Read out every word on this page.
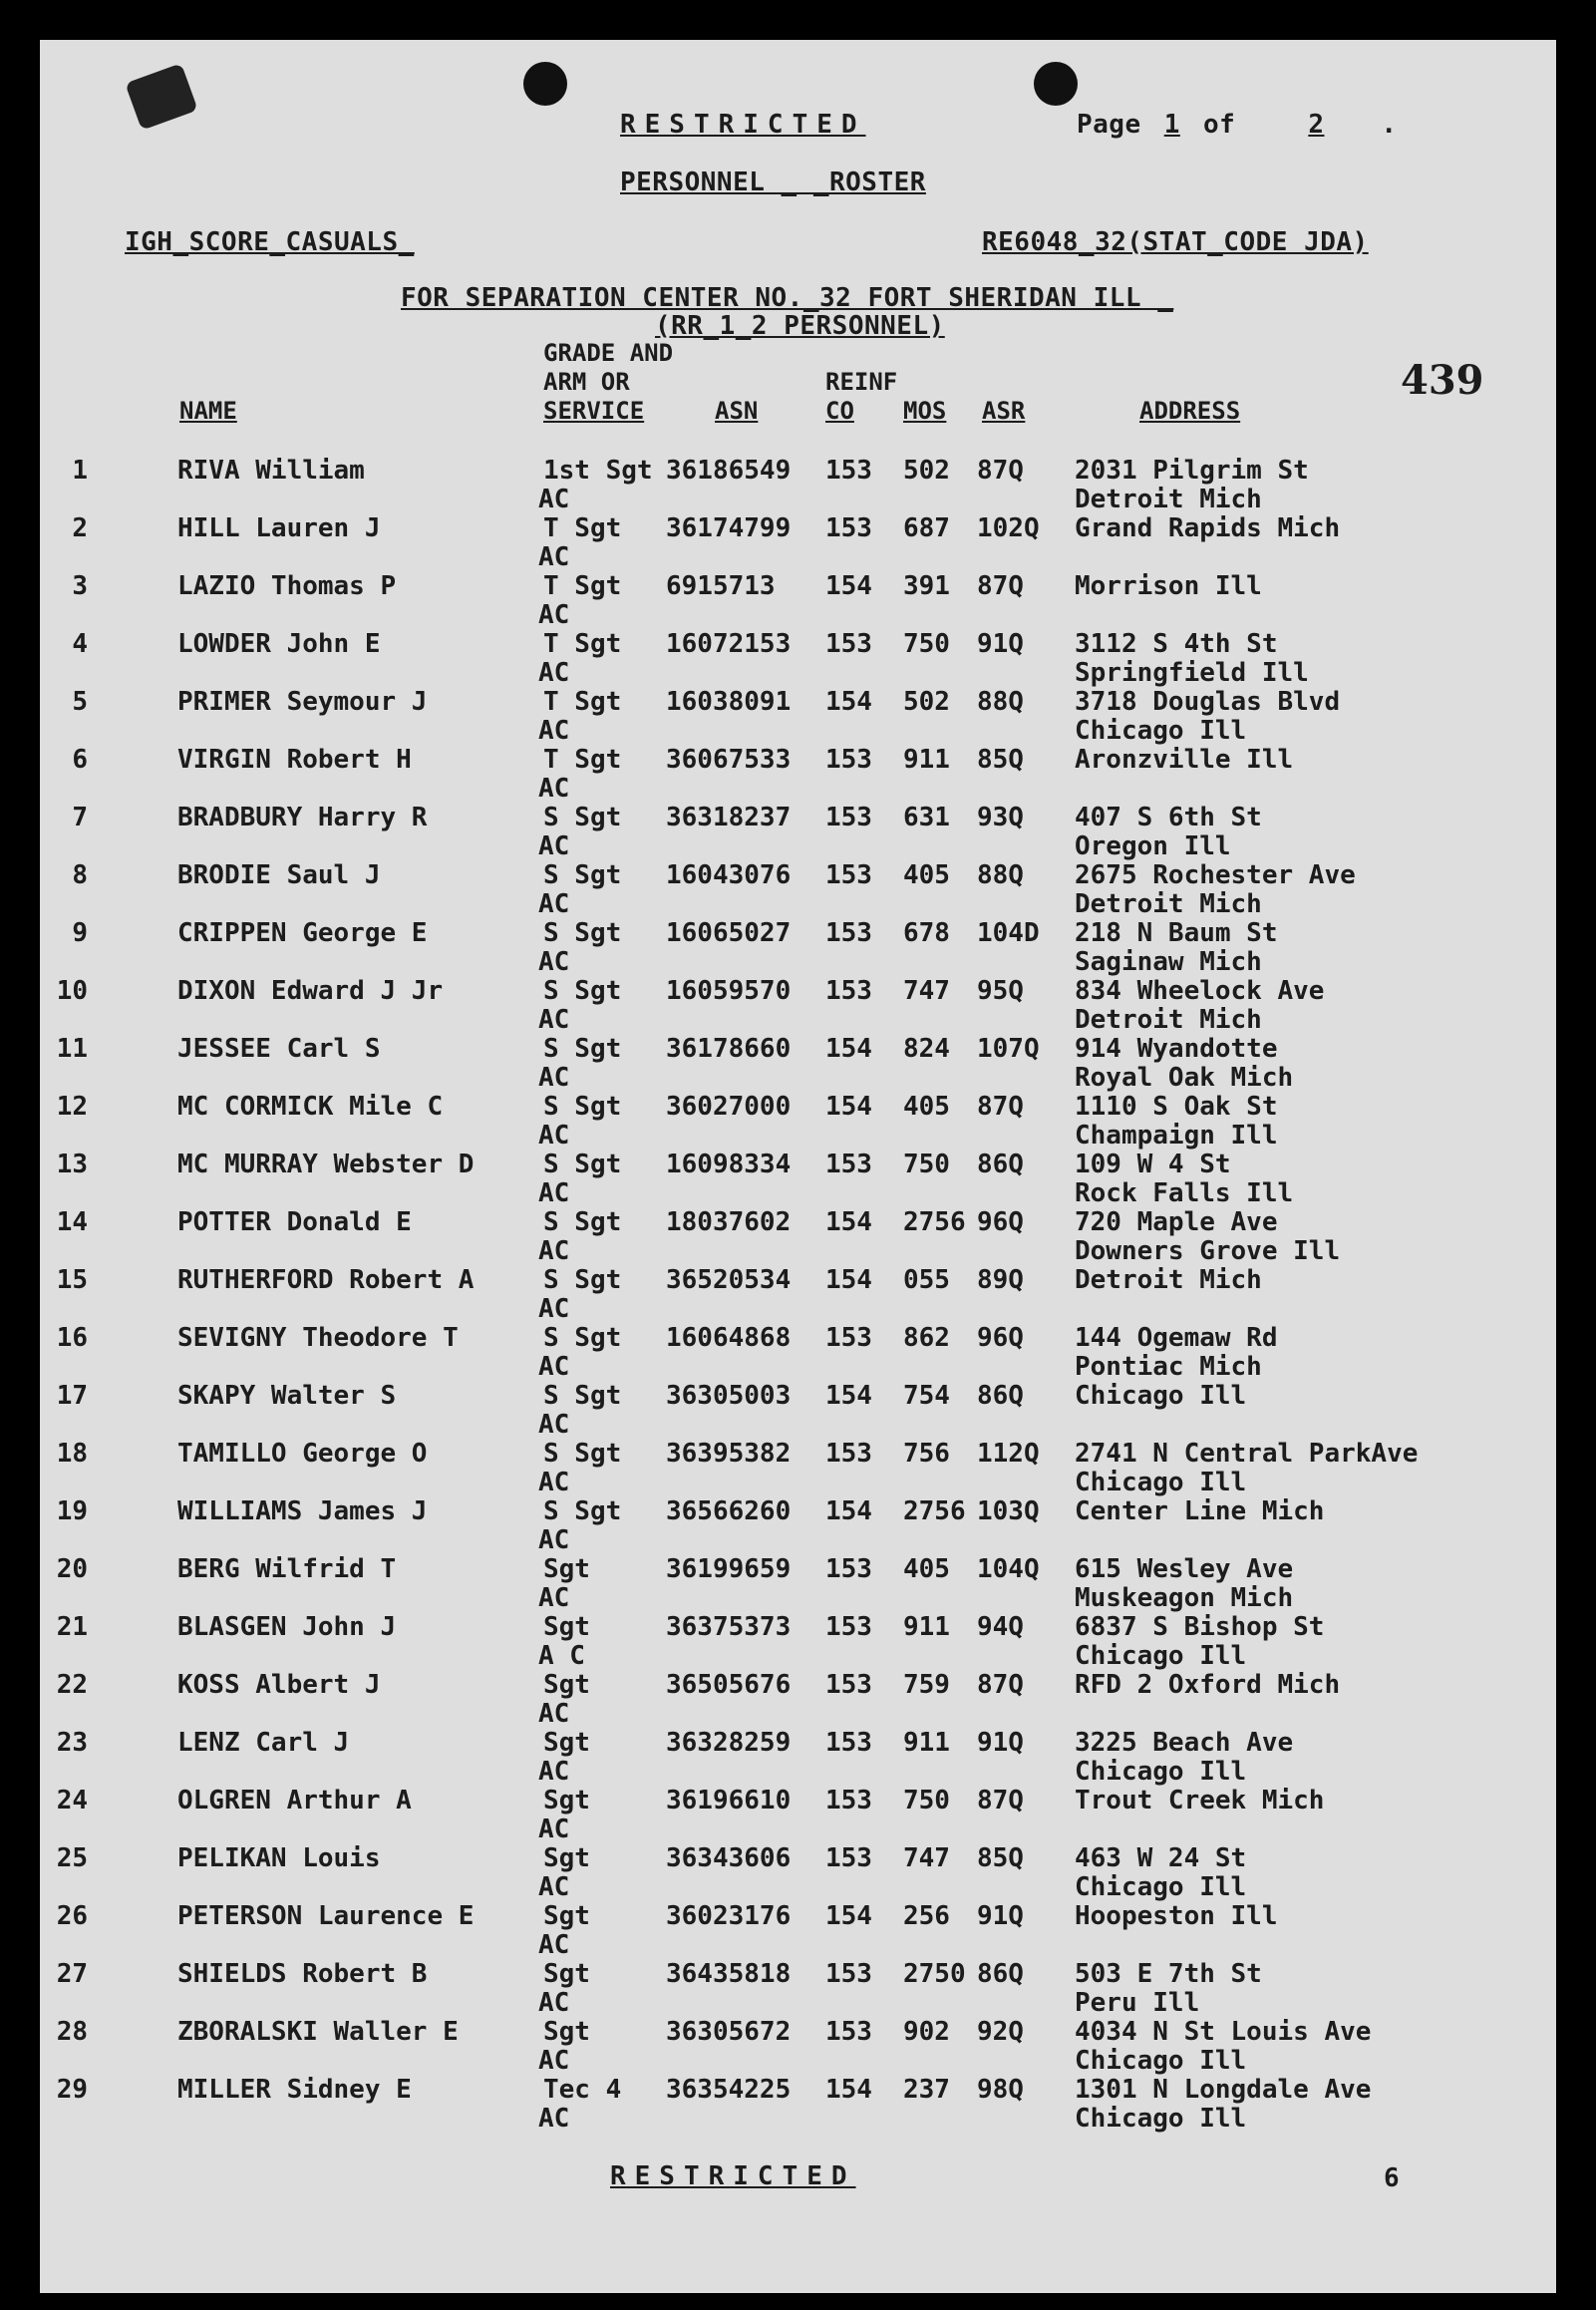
RESTRICTED	Page 1 of	2 .
PERSONNEL _ _ROSTER
IGH_SCORE_CASUALS_	RE6048_32(STAT_CODE JDA)
FOR SEPARATION CENTER NO._32 FORT SHERIDAN ILL _
(RR_1_2 PERSONNEL)
439
NAME
GRADE AND
ARM OR
SERVICE	ASN
REINF
CO MOS ASR	ADDRESS
1	RIVA William	1st Sgt 36186549 153 502 87Q 2031 Pilgrim St
AC	Detroit Mich
2	HILL Lauren J	T Sgt 36174799 153 687 102Q Grand Rapids Mich
AC
3	LAZIO Thomas P	T Sgt 6915713 154 391 87Q Morrison Ill
AC
4	LOWDER John E	T Sgt 16072153 153 750 91Q 3112 S 4th St
AC	Springfield Ill
5	PRIMER Seymour J	T Sgt 16038091 154 502 88Q 3718 Douglas Blvd
AC	Chicago Ill
6	VIRGIN Robert H	T Sgt 36067533 153 911 85Q Aronzville Ill
AC
7	BRADBURY Harry R	S Sgt 36318237 153 631 93Q 407 S 6th St
AC	Oregon Ill
8	BRODIE Saul J	S Sgt 16043076 153 405 88Q 2675 Rochester Ave
AC	Detroit Mich
9	CRIPPEN George E	S Sgt 16065027 153 678 104D 218 N Baum St
AC	Saginaw Mich
10	DIXON Edward J Jr	S Sgt 16059570 153 747 95Q 834 Wheelock Ave
AC	Detroit Mich
11	JESSEE Carl S	S Sgt 36178660 154 824 107Q 914 Wyandotte
AC	Royal Oak Mich
12	MC CORMICK Mile C	S Sgt 36027000 154 405 87Q 1110 S Oak St
AC	Champaign Ill
13	MC MURRAY Webster D	S Sgt 16098334 153 750 86Q 109 W 4 St
AC	Rock Falls Ill
14	POTTER Donald E	S Sgt 18037602 154 2756 96Q 720 Maple Ave
AC	Downers Grove Ill
15	RUTHERFORD Robert A	S Sgt 36520534 154 055 89Q Detroit Mich
AC
16	SEVIGNY Theodore T	S Sgt 16064868 153 862 96Q 144 Ogemaw Rd
AC	Pontiac Mich
17	SKAPY Walter S	S Sgt 36305003 154 754 86Q Chicago Ill
AC
18	TAMILLO George O	S Sgt 36395382 153 756 112Q 2741 N Central ParkAve
AC	Chicago Ill
19	WILLIAMS James J	S Sgt 36566260 154 2756 103Q Center Line Mich
AC
20	BERG Wilfrid T	Sgt	36199659 153 405 104Q 615 Wesley Ave
AC	Muskeagon Mich
21	BLASGEN John J	Sgt	36375373 153 911 94Q 6837 S Bishop St
A C	Chicago Ill
22	KOSS Albert J	Sgt	36505676 153 759 87Q RFD 2 Oxford Mich
AC
23	LENZ Carl J	Sgt	36328259 153 911 91Q 3225 Beach Ave
AC	Chicago Ill
24	OLGREN Arthur A	Sgt	36196610 153 750 87Q Trout Creek Mich
AC
25	PELIKAN Louis	Sgt	36343606 153 747 85Q 463 W 24 St
AC	Chicago Ill
26	PETERSON Laurence E	Sgt	36023176 154 256 91Q Hoopeston Ill
AC
27	SHIELDS Robert B	Sgt	36435818 153 2750 86Q 503 E 7th St
AC	Peru Ill
28	ZBORALSKI Waller E	Sgt	36305672 153 902 92Q 4034 N St Louis Ave
AC	Chicago Ill
29	MILLER Sidney E	Tec 4 36354225 154 237 98Q 1301 N Longdale Ave
AC	Chicago Ill
RESTRICTED	6
